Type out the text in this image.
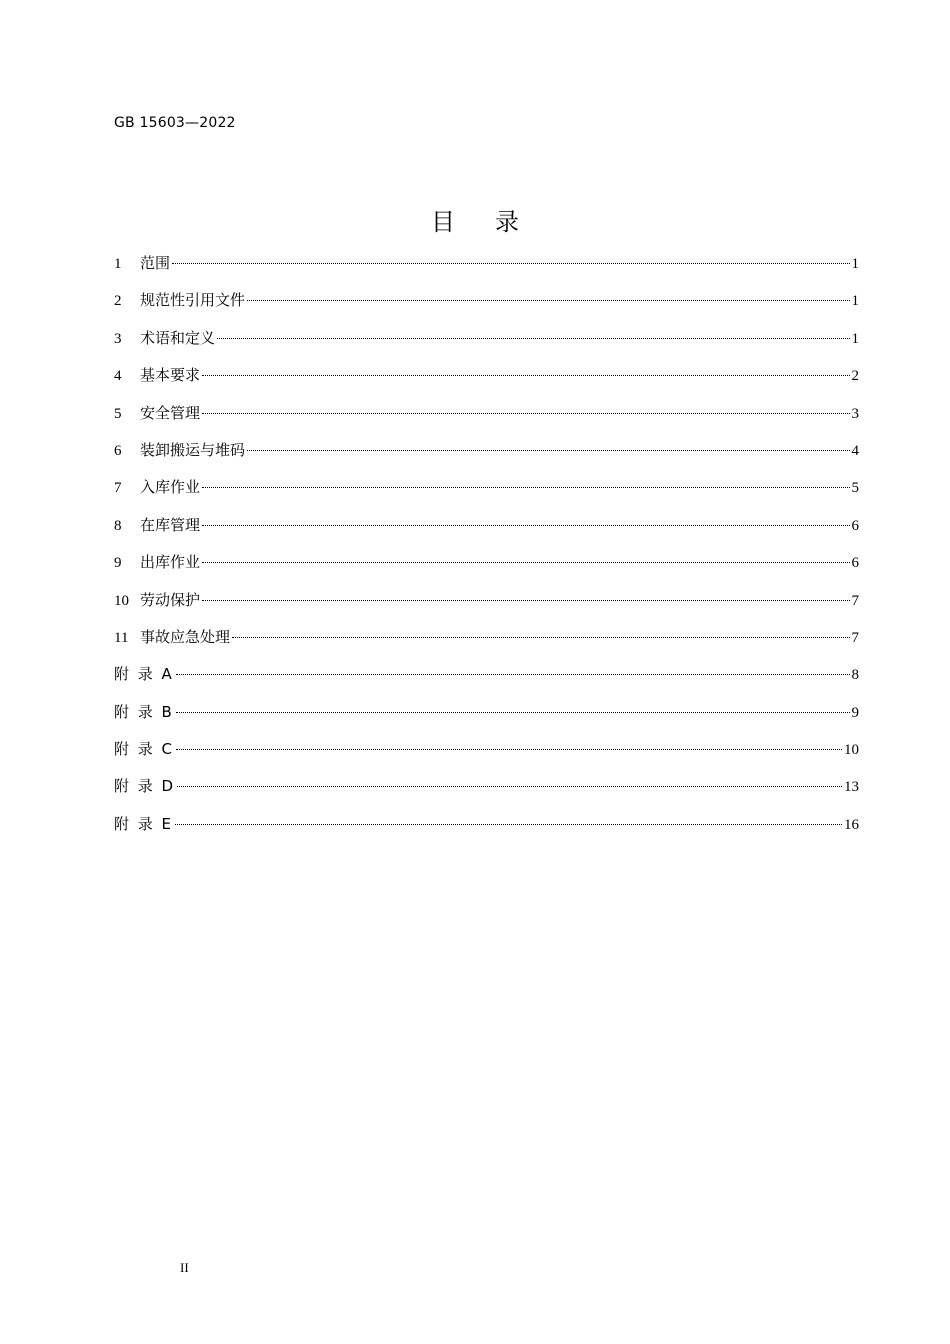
GB 15603—2022
目 录
1	范围	1
2	规范性引用文件	1
3	术语和定义	1
4	基本要求	2
5	安全管理	3
6	装卸搬运与堆码	4
7	入库作业	5
8	在库管理	6
9	出库作业	6
10 劳动保护	7
11 事故应急处理	7
附 录 A	8
附 录 B	9
附 录 C	10
附 录 D	13
附 录 E	16
II
